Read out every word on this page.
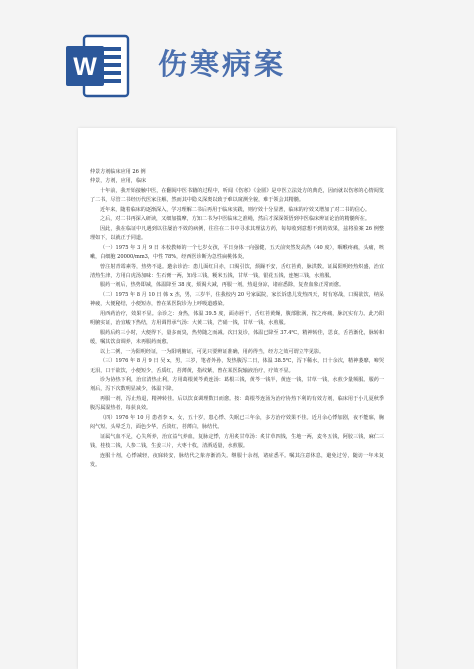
W 伤寒病案

仲景方剂临床应用 26 例

仲景，方剂，应用，临床

十年前，我开始接触中医，在翻阅中医书籍的过程中，听闻《伤寒》《金匮》是中医立法处方的典范，因而就以伤寒的心情阅览了二书，尽管二书经历代医家注解，然而其中隐义深奥以致于难以窥测全貌，难于领会其精髓。

近年来，随着临床的逐渐深入，学习理解二书后再用于临床实践，则疗效十分显著，临床的疗效又增加了对二书的信心。

之后，对二书再深入研读，又细加揣摩，方知二书为中医临床之准绳，然后才深深领悟到中医临床辨证论治的精髓所在。

因此，我在临证中凡遇到以往屡治不效的病例，往往在二书中寻求其理法方药，每每收到意想不到的效果，兹将验案 26 例整理如下，以就正于同道。

（一）1975 年 3 月 9 日 本校教师的一个七岁女孩，平日身体一向强健，五天前突然发高热（40 度），咽喉疼痛，头痛，咳嗽，白细胞 20000/mm3，中性 78%，经西医诊断为急性扁桃体炎。

曾注射青霉素等，热势不退。邀余诊治：患儿面红目赤，口渴引饮，烦躁不安，舌红苔黄，脉洪数。证属阳明经热炽盛，治宜清热生津，方用白虎汤加味：生石膏一两，知母三钱，粳米五钱，甘草一钱，银花五钱，连翘三钱，水煎服。

服药一剂后，热势即减，体温降至 38 度，烦渴大减，再服一剂，热退身凉，诸症悉除，复查血象正常而愈。

（二）1975 年 8 月 10 日 韩 x 杰，男，三岁半，住我校内 20 号家属院，家长诉患儿发热四天，时有寒战，口渴欲饮，纳呆神疲，大便秘结，小便短赤，曾在某医院诊为上呼吸道感染。

用西药治疗，效果不显。余诊之：身热，体温 39.5 度，面赤唇干，舌红苔黄燥，腹部胀满，按之疼痛，脉沉实有力。此乃阳明腑实证，治宜峻下热结，方用调胃承气汤：大黄二钱，芒硝一钱，甘草一钱，水煎服。

服药后约三小时，大便得下，量多而臭，热势随之而减。次日复诊，体温已降至 37.4℃，精神转佳，思食，舌苔渐化，脉转和缓，嘱其饮食调养，未再服药而愈。

以上二例，一为阳明经证，一为阳明腑证，可见只要辨证准确，用药得当，经方之效可谓立竿见影。

（三）1976 年 8 月 9 日 吴 x，男，三岁，笔者外孙，发热腹泻二日，体温 38.5℃，泻下稀水，日十余次，精神萎靡，啼哭无泪，口干欲饮，小便短少，舌质红，苔薄黄，指纹紫，曾在某医院输液治疗，疗效不显。

诊为协热下利，治宜清热止利，方用葛根黄芩黄连汤：葛根三钱，黄芩一钱半，黄连一钱，甘草一钱，水煎少量频服。服药一剂后，泻下次数明显减少，体温下降。

再服一剂，泻止热退，精神转佳。后以饮食调理数日而愈。按：葛根芩连汤为治疗协热下利的有效方剂，临床用于小儿夏秋季腹泻属湿热者，每获良效。

（四）1976 年 10 月 患者李 x，女，五十岁，患心悸、失眠已三年余，多方治疗效果不佳。近月余心悸加剧，夜不能寐，胸闷气短，头晕乏力，面色少华，舌淡红，苔薄白，脉结代。

证属气血不足，心失所养，治宜益气养血，复脉定悸，方用炙甘草汤：炙甘草四钱，生地一两，麦冬五钱，阿胶三钱，麻仁三钱，桂枝二钱，人参二钱，生姜三片，大枣十枚，清酒适量，水煎服。

连服十剂，心悸减轻，夜寐转安，脉结代之象亦渐消失。继服十余剂，诸症悉平。嘱其注意休息，避免过劳，随访一年未复发。
